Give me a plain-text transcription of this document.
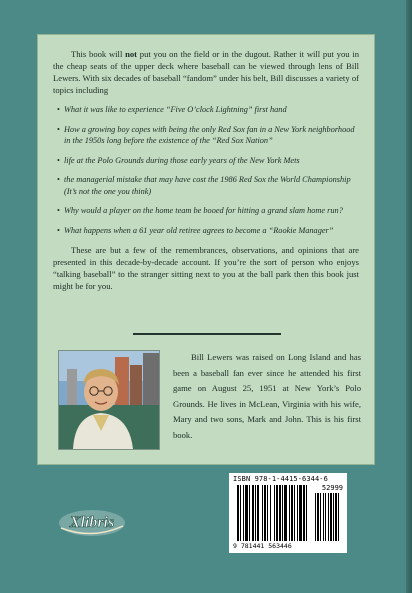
This book will not put you on the field or in the dugout. Rather it will put you in the cheap seats of the upper deck where baseball can be viewed through lens of Bill Lewers. With six decades of baseball “fandom” under his belt, Bill discusses a variety of topics including

• What it was like to experience “Five O’clock Lightning” first hand
• How a growing boy copes with being the only Red Sox fan in a New York neighborhood in the 1950s long before the existence of the “Red Sox Nation”
• life at the Polo Grounds during those early years of the New York Mets
• the managerial mistake that may have cost the 1986 Red Sox the World Championship (It’s not the one you think)
• Why would a player on the home team be booed for hitting a grand slam home run?
• What happens when a 61 year old retiree agrees to become a “Rookie Manager”

These are but a few of the remembrances, observations, and opinions that are presented in this decade-by-decade account. If you’re the sort of person who enjoys “talking baseball” to the stranger sitting next to you at the ball park then this book just might be for you.

Bill Lewers was raised on Long Island and has been a baseball fan ever since he attended his first game on August 25, 1951 at New York’s Polo Grounds. He lives in McLean, Virginia with his wife, Mary and two sons, Mark and John. This is his first book.

Xlibris
ISBN 978-1-4415-6344-6
52999
9 781441 563446
